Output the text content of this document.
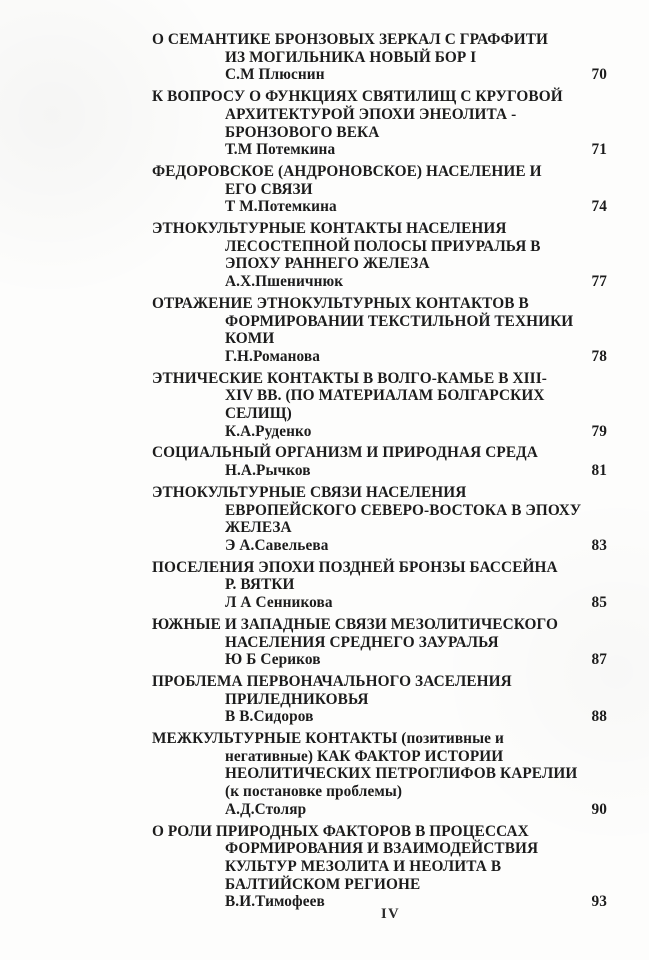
О СЕМАНТИКЕ БРОНЗОВЫХ ЗЕРКАЛ С ГРАФФИТИ
ИЗ МОГИЛЬНИКА НОВЫЙ БОР I
С.М Плюснин	70
К ВОПРОСУ О ФУНКЦИЯХ СВЯТИЛИЩ С КРУГОВОЙ
АРХИТЕКТУРОЙ ЭПОХИ ЭНЕОЛИТА -
БРОНЗОВОГО ВЕКА
Т.М Потемкина	71
ФЕДОРОВСКОЕ (АНДРОНОВСКОЕ) НАСЕЛЕНИЕ И
ЕГО СВЯЗИ
Т М.Потемкина	74
ЭТНОКУЛЬТУРНЫЕ КОНТАКТЫ НАСЕЛЕНИЯ
ЛЕСОСТЕПНОЙ ПОЛОСЫ ПРИУРАЛЬЯ В
ЭПОХУ РАННЕГО ЖЕЛЕЗА
А.Х.Пшеничнюк	77
ОТРАЖЕНИЕ ЭТНОКУЛЬТУРНЫХ КОНТАКТОВ В
ФОРМИРОВАНИИ ТЕКСТИЛЬНОЙ ТЕХНИКИ
КОМИ
Г.Н.Романова	78
ЭТНИЧЕСКИЕ КОНТАКТЫ В ВОЛГО-КАМЬЕ В XIII-
XIV ВВ. (ПО МАТЕРИАЛАМ БОЛГАРСКИХ
СЕЛИЩ)
К.А.Руденко	79
СОЦИАЛЬНЫЙ ОРГАНИЗМ И ПРИРОДНАЯ СРЕДА
Н.А.Рычков	81
ЭТНОКУЛЬТУРНЫЕ СВЯЗИ НАСЕЛЕНИЯ
ЕВРОПЕЙСКОГО СЕВЕРО-ВОСТОКА В ЭПОХУ
ЖЕЛЕЗА
Э А.Савельева	83
ПОСЕЛЕНИЯ ЭПОХИ ПОЗДНЕЙ БРОНЗЫ БАССЕЙНА
Р. ВЯТКИ
Л А Сенникова	85
ЮЖНЫЕ И ЗАПАДНЫЕ СВЯЗИ МЕЗОЛИТИЧЕСКОГО
НАСЕЛЕНИЯ СРЕДНЕГО ЗАУРАЛЬЯ
Ю Б Сериков	87
ПРОБЛЕМА ПЕРВОНАЧАЛЬНОГО ЗАСЕЛЕНИЯ
ПРИЛЕДНИКОВЬЯ
В В.Сидоров	88
МЕЖКУЛЬТУРНЫЕ КОНТАКТЫ (позитивные и
негативные) КАК ФАКТОР ИСТОРИИ
НЕОЛИТИЧЕСКИХ ПЕТРОГЛИФОВ КАРЕЛИИ
(к постановке проблемы)
А.Д.Столяр	90
О РОЛИ ПРИРОДНЫХ ФАКТОРОВ В ПРОЦЕССАХ
ФОРМИРОВАНИЯ И ВЗАИМОДЕЙСТВИЯ
КУЛЬТУР МЕЗОЛИТА И НЕОЛИТА В
БАЛТИЙСКОМ РЕГИОНЕ
В.И.Тимофеев	93
IV
